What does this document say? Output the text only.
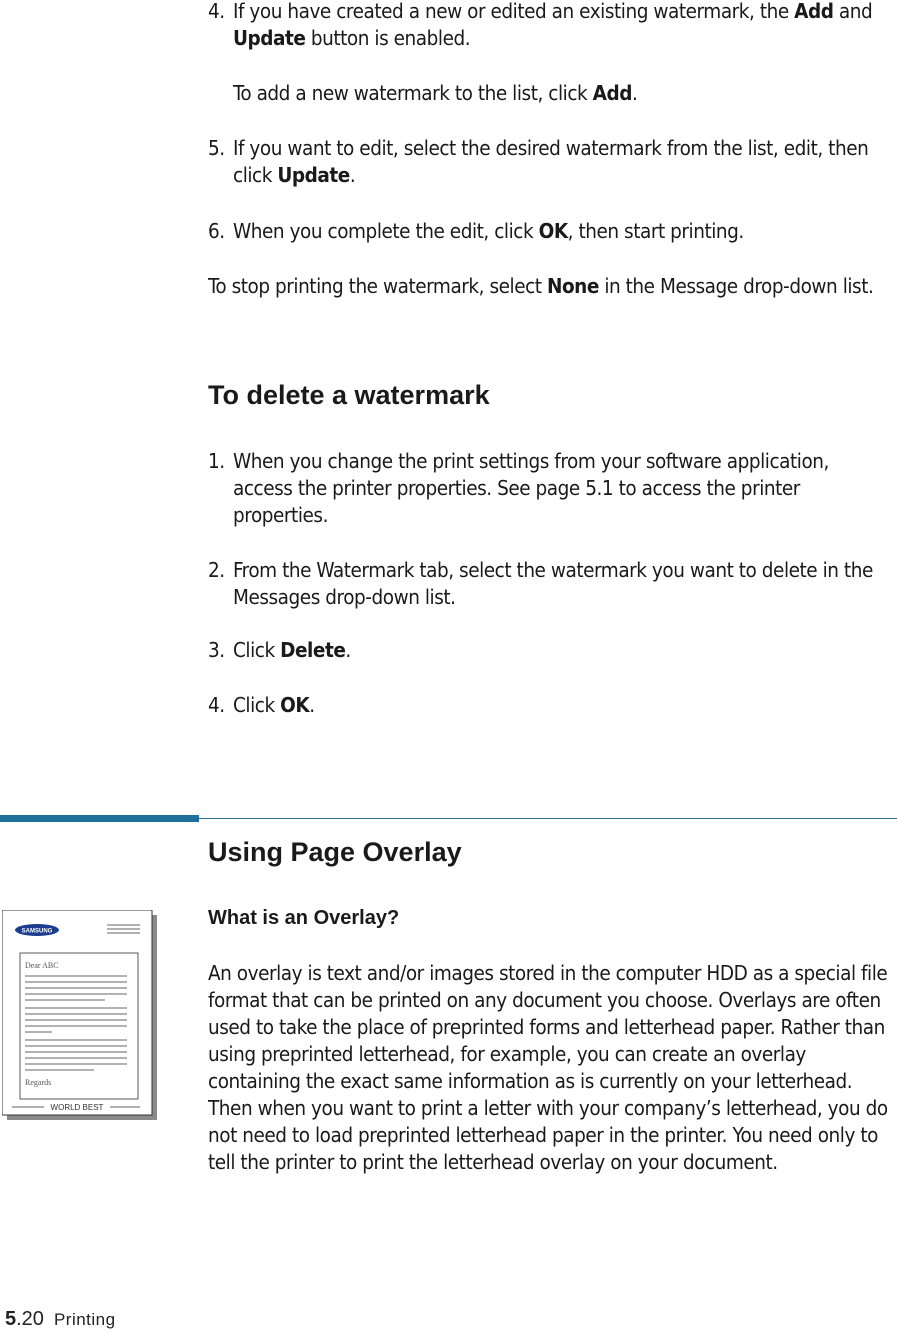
4. If you have created a new or edited an existing watermark, the Add and Update button is enabled.
To add a new watermark to the list, click Add.
5. If you want to edit, select the desired watermark from the list, edit, then click Update.
6. When you complete the edit, click OK, then start printing.

To stop printing the watermark, select None in the Message drop-down list.

To delete a watermark
1. When you change the print settings from your software application, access the printer properties. See page 5.1 to access the printer properties.
2. From the Watermark tab, select the watermark you want to delete in the Messages drop-down list.
3. Click Delete.
4. Click OK.
Using Page Overlay
What is an Overlay?

An overlay is text and/or images stored in the computer HDD as a special file format that can be printed on any document you choose. Overlays are often used to take the place of preprinted forms and letterhead paper. Rather than using preprinted letterhead, for example, you can create an overlay containing the exact same information as is currently on your letterhead. Then when you want to print a letter with your company’s letterhead, you do not need to load preprinted letterhead paper in the printer. You need only to tell the printer to print the letterhead overlay on your document.

SAMSUNG
Dear ABC
Regards
WORLD BEST
5.20 Printing
